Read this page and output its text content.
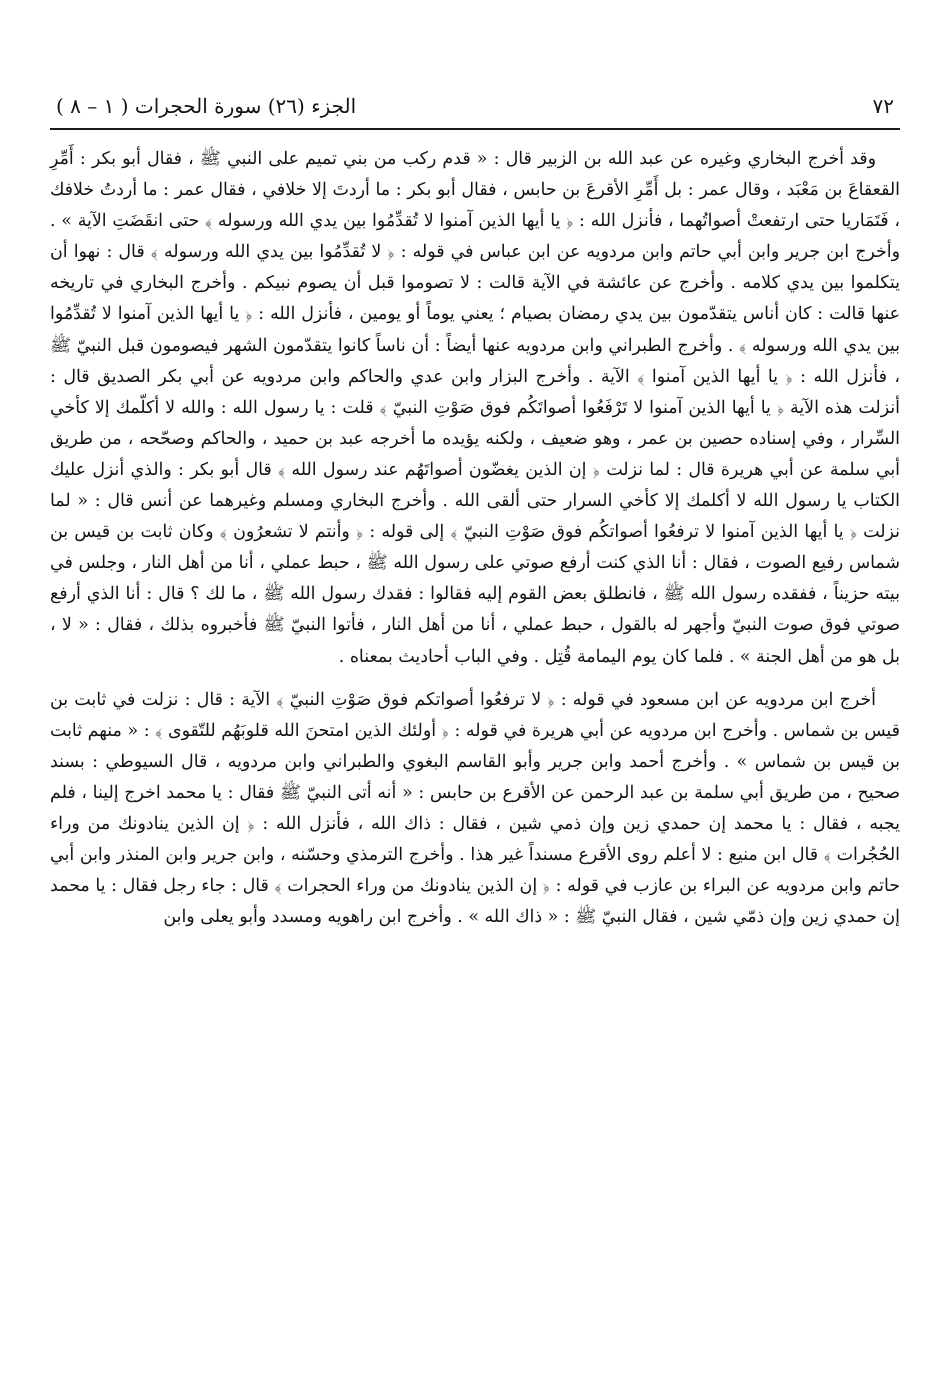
٧٢
الجزء (٢٦) سورة الحجرات ( ١ – ٨ )

وقد أخرج البخاري وغيره عن عبد الله بن الزبير قال : « قدم ركب من بني تميم على النبي ﷺ ، فقال أبو بكر : أَمِّرِ القعقاعَ بن مَعْبَد ، وقال عمر : بل أَمِّرِ الأقرعَ بن حابس ، فقال أبو بكر : ما أردتَ إلا خلافي ، فقال عمر : ما أردتُ خلافك ، فَتَمَاريا حتى ارتفعتْ أصواتُهما ، فأنزل الله : ﴿ يا أيها الذين آمنوا لا تُقدِّمُوا بين يدي الله ورسوله ﴾ حتى انقَضَتِ الآية » . وأخرج ابن جرير وابن أبي حاتم وابن مردويه عن ابن عباس في قوله : ﴿ لا تُقدِّمُوا بين يدي الله ورسوله ﴾ قال : نهوا أن يتكلموا بين يدي كلامه . وأخرج عن عائشة في الآية قالت : لا تصوموا قبل أن يصوم نبيكم . وأخرج البخاري في تاريخه عنها قالت : كان أناس يتقدّمون بين يدي رمضان بصيام ؛ يعني يوماً أو يومين ، فأنزل الله : ﴿ يا أيها الذين آمنوا لا تُقدِّمُوا بين يدي الله ورسوله ﴾ . وأخرج الطبراني وابن مردويه عنها أيضاً : أن ناساً كانوا يتقدّمون الشهر فيصومون قبل النبيّ ﷺ ، فأنزل الله : ﴿ يا أيها الذين آمنوا ﴾ الآية . وأخرج البزار وابن عدي والحاكم وابن مردويه عن أبي بكر الصديق قال : أنزلت هذه الآية ﴿ يا أيها الذين آمنوا لا تَرْفَعُوا أصواتَكُم فوق صَوْتِ النبيّ ﴾ قلت : يا رسول الله : والله لا أكلّمك إلا كأخي السِّرار ، وفي إسناده حصين بن عمر ، وهو ضعيف ، ولكنه يؤيده ما أخرجه عبد بن حميد ، والحاكم وصحّحه ، من طريق أبي سلمة عن أبي هريرة قال : لما نزلت ﴿ إن الذين يغضّون أصواتَهُم عند رسول الله ﴾ قال أبو بكر : والذي أنزل عليك الكتاب يا رسول الله لا أكلمك إلا كأخي السرار حتى ألقى الله . وأخرج البخاري ومسلم وغيرهما عن أنس قال : « لما نزلت ﴿ يا أيها الذين آمنوا لا ترفعُوا أصواتكُم فوق صَوْتِ النبيّ ﴾ إلى قوله : ﴿ وأنتم لا تشعرُون ﴾ وكان ثابت بن قيس بن شماس رفيع الصوت ، فقال : أنا الذي كنت أرفع صوتي على رسول الله ﷺ ، حبط عملي ، أنا من أهل النار ، وجلس في بيته حزيناً ، ففقده رسول الله ﷺ ، فانطلق بعض القوم إليه فقالوا : فقدك رسول الله ﷺ ، ما لك ؟ قال : أنا الذي أرفع صوتي فوق صوت النبيّ وأجهر له بالقول ، حبط عملي ، أنا من أهل النار ، فأتوا النبيّ ﷺ فأخبروه بذلك ، فقال : « لا ، بل هو من أهل الجنة » . فلما كان يوم اليمامة قُتِل . وفي الباب أحاديث بمعناه .

أخرج ابن مردويه عن ابن مسعود في قوله : ﴿ لا ترفعُوا أصواتكم فوق صَوْتِ النبيّ ﴾ الآية : قال : نزلت في ثابت بن قيس بن شماس . وأخرج ابن مردويه عن أبي هريرة في قوله : ﴿ أولئك الذين امتحنَ الله قلوبَهُم للتّقوى ﴾ : « منهم ثابت بن قيس بن شماس » . وأخرج أحمد وابن جرير وأبو القاسم البغوي والطبراني وابن مردويه ، قال السيوطي : بسند صحيح ، من طريق أبي سلمة بن عبد الرحمن عن الأقرع بن حابس : « أنه أتى النبيّ ﷺ فقال : يا محمد اخرج إلينا ، فلم يجبه ، فقال : يا محمد إن حمدي زين وإن ذمي شين ، فقال : ذاك الله ، فأنزل الله : ﴿ إن الذين ينادونك من وراء الحُجُرات ﴾ قال ابن منيع : لا أعلم روى الأقرع مسنداً غير هذا . وأخرج الترمذي وحسّنه ، وابن جرير وابن المنذر وابن أبي حاتم وابن مردويه عن البراء بن عازب في قوله : ﴿ إن الذين ينادونك من وراء الحجرات ﴾ قال : جاء رجل فقال : يا محمد إن حمدي زين وإن ذمّي شين ، فقال النبيّ ﷺ : « ذاك الله » . وأخرج ابن راهويه ومسدد وأبو يعلى وابن
